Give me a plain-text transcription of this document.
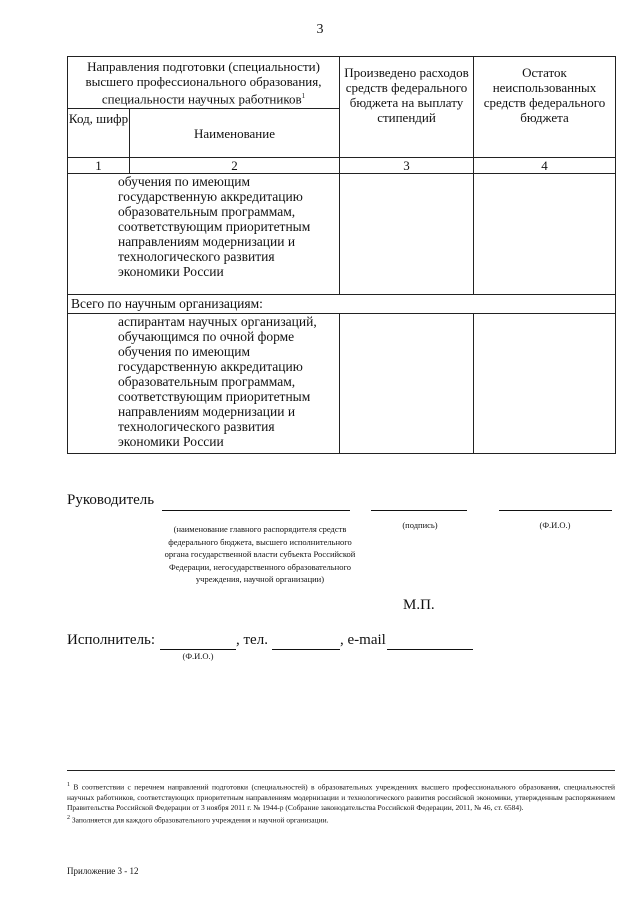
3
Направления подготовки (специальности) высшего профессионального образования, специальности научных работников$^1$		Произведено расходов средств федерального бюджета на выплату стипендий	Остаток неиспользованных средств федерального бюджета
Код, шифр	Наименование		
1	2	3	4
обучения по имеющим государственную аккредитацию образовательным программам, соответствующим приоритетным направлениям модернизации и технологического развития экономики России			
Всего по научным организациям:			
аспирантам научных организаций, обучающимся по очной форме обучения по имеющим государственную аккредитацию образовательным программам, соответствующим приоритетным направлениям модернизации и технологического развития экономики России			
Руководитель
(наименование главного распорядителя средств федерального бюджета, высшего исполнительного органа государственной власти субъекта Российской Федерации, негосударственного образовательного учреждения, научной организации)
(подпись)	(Ф.И.О.)
М.П.
Исполнитель:	, тел.	, e-mail
(Ф.И.О.)
$^1$ В соответствии с перечнем направлений подготовки (специальностей) в образовательных учреждениях высшего профессионального образования, специальностей научных работников, соответствующих приоритетным направлениям модернизации и технологического развития российской экономики, утвержденным распоряжением Правительства Российской Федерации от 3 ноября 2011 г. № 1944-р (Собрание законодательства Российской Федерации, 2011, № 46, ст. 6584).
$^2$ Заполняется для каждого образовательного учреждения и научной организации.
Приложение 3 - 12
